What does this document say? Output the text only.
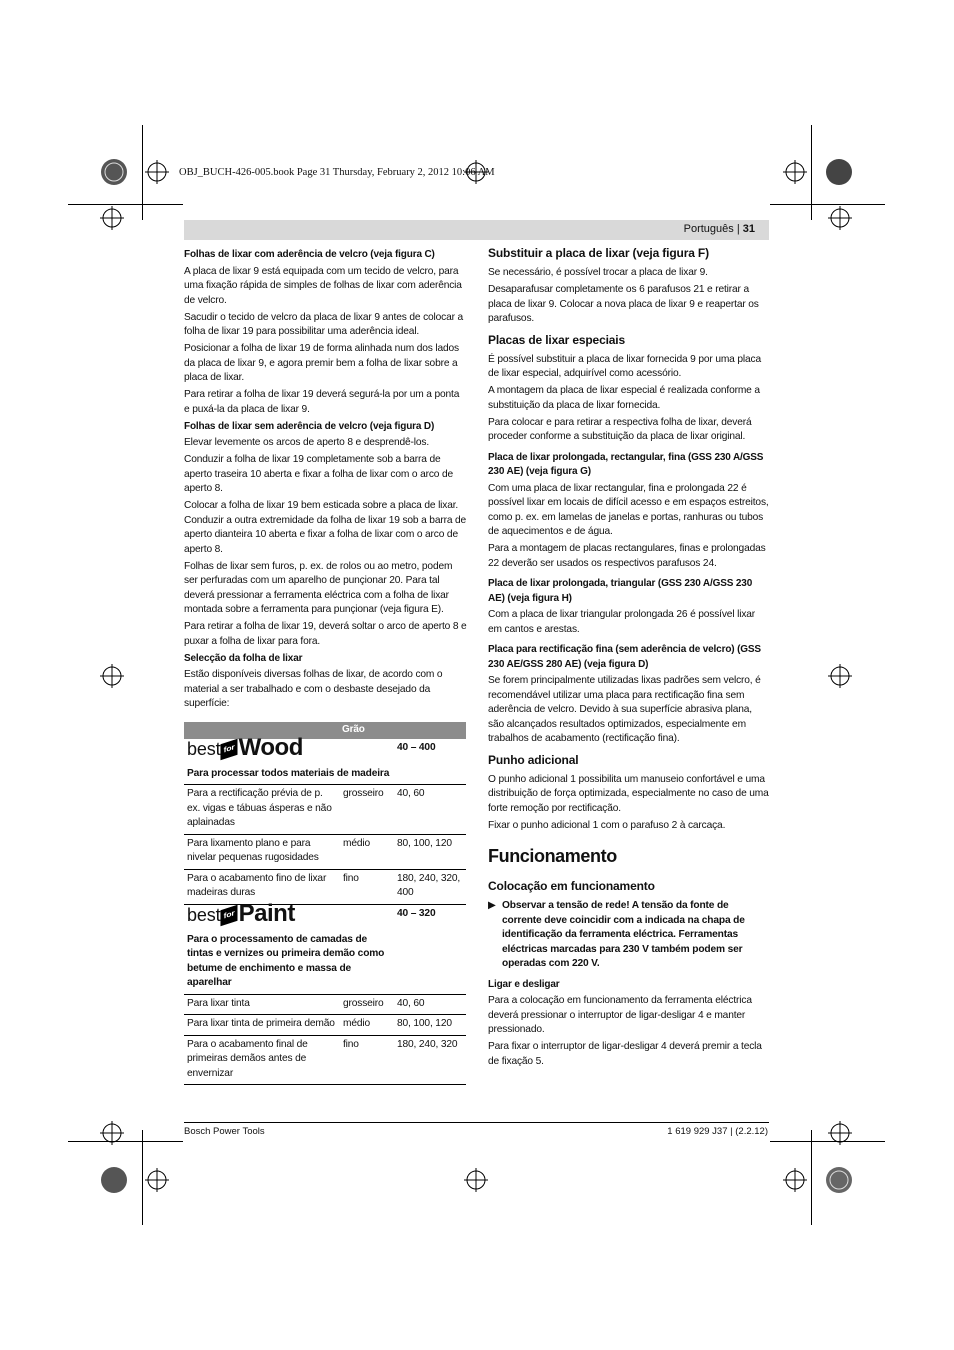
OBJ_BUCH-426-005.book Page 31 Thursday, February 2, 2012 10:06 AM
Português | 31

Folhas de lixar com aderência de velcro (veja figura C)

A placa de lixar 9 está equipada com um tecido de velcro, para uma fixação rápida de simples de folhas de lixar com aderência de velcro.

Sacudir o tecido de velcro da placa de lixar 9 antes de colocar a folha de lixar 19 para possibilitar uma aderência ideal.

Posicionar a folha de lixar 19 de forma alinhada num dos lados da placa de lixar 9, e agora premir bem a folha de lixar sobre a placa de lixar.

Para retirar a folha de lixar 19 deverá segurá-la por um a ponta e puxá-la da placa de lixar 9.

Folhas de lixar sem aderência de velcro (veja figura D)

Elevar levemente os arcos de aperto 8 e desprendê-los.

Conduzir a folha de lixar 19 completamente sob a barra de aperto traseira 10 aberta e fixar a folha de lixar com o arco de aperto 8.

Colocar a folha de lixar 19 bem esticada sobre a placa de lixar. Conduzir a outra extremidade da folha de lixar 19 sob a barra de aperto dianteira 10 aberta e fixar a folha de lixar com o arco de aperto 8.

Folhas de lixar sem furos, p. ex. de rolos ou ao metro, podem ser perfuradas com um aparelho de punçionar 20. Para tal deverá pressionar a ferramenta eléctrica com a folha de lixar montada sobre a ferramenta para punçionar (veja figura E).

Para retirar a folha de lixar 19, deverá soltar o arco de aperto 8 e puxar a folha de lixar para fora.

Selecção da folha de lixar

Estão disponíveis diversas folhas de lixar, de acordo com o material a ser trabalhado e com o desbaste desejado da superfície:

	Grão	

best for Wood
Para processar todos materiais de madeira		40 – 400
Para a rectificação prévia de p. ex. vigas e tábuas ásperas e não aplainadas	grosseiro	40, 60
Para lixamento plano e para nivelar pequenas rugosidades	médio	80, 100, 120
Para o acabamento fino de lixar madeiras duras	fino	180, 240, 320, 400

best for Paint
Para o processamento de camadas de tintas e vernizes ou primeira demão como betume de enchimento e massa de aparelhar		40 – 320
Para lixar tinta	grosseiro	40, 60
Para lixar tinta de primeira demão	médio	80, 100, 120
Para o acabamento final de primeiras demãos antes de envernizar	fino	180, 240, 320

Substituir a placa de lixar (veja figura F)

Se necessário, é possível trocar a placa de lixar 9.

Desaparafusar completamente os 6 parafusos 21 e retirar a placa de lixar 9. Colocar a nova placa de lixar 9 e reapertar os parafusos.

Placas de lixar especiais

É possível substituir a placa de lixar fornecida 9 por uma placa de lixar especial, adquirível como acessório.

A montagem da placa de lixar especial é realizada conforme a substituição da placa de lixar fornecida.

Para colocar e para retirar a respectiva folha de lixar, deverá proceder conforme a substituição da placa de lixar original.

Placa de lixar prolongada, rectangular, fina (GSS 230 A/GSS 230 AE) (veja figura G)

Com uma placa de lixar rectangular, fina e prolongada 22 é possível lixar em locais de difícil acesso e em espaços estreitos, como p. ex. em lamelas de janelas e portas, ranhuras ou tubos de aquecimentos e de água.

Para a montagem de placas rectangulares, finas e prolongadas 22 deverão ser usados os respectivos parafusos 24.

Placa de lixar prolongada, triangular (GSS 230 A/GSS 230 AE) (veja figura H)

Com a placa de lixar triangular prolongada 26 é possível lixar em cantos e arestas.

Placa para rectificação fina (sem aderência de velcro) (GSS 230 AE/GSS 280 AE) (veja figura D)

Se forem principalmente utilizadas lixas padrões sem velcro, é recomendável utilizar uma placa para rectificação fina sem aderência de velcro. Devido à sua superfície abrasiva plana, são alcançados resultados optimizados, especialmente em trabalhos de acabamento (rectificação fina).

Punho adicional

O punho adicional 1 possibilita um manuseio confortável e uma distribuição de força optimizada, especialmente no caso de uma forte remoção por rectificação.

Fixar o punho adicional 1 com o parafuso 2 à carcaça.

Funcionamento

Colocação em funcionamento

▶ Observar a tensão de rede! A tensão da fonte de corrente deve coincidir com a indicada na chapa de identificação da ferramenta eléctrica. Ferramentas eléctricas marcadas para 230 V também podem ser operadas com 220 V.

Ligar e desligar

Para a colocação em funcionamento da ferramenta eléctrica deverá pressionar o interruptor de ligar-desligar 4 e manter pressionado.

Para fixar o interruptor de ligar-desligar 4 deverá premir a tecla de fixação 5.

Bosch Power Tools	1 619 929 J37 | (2.2.12)
